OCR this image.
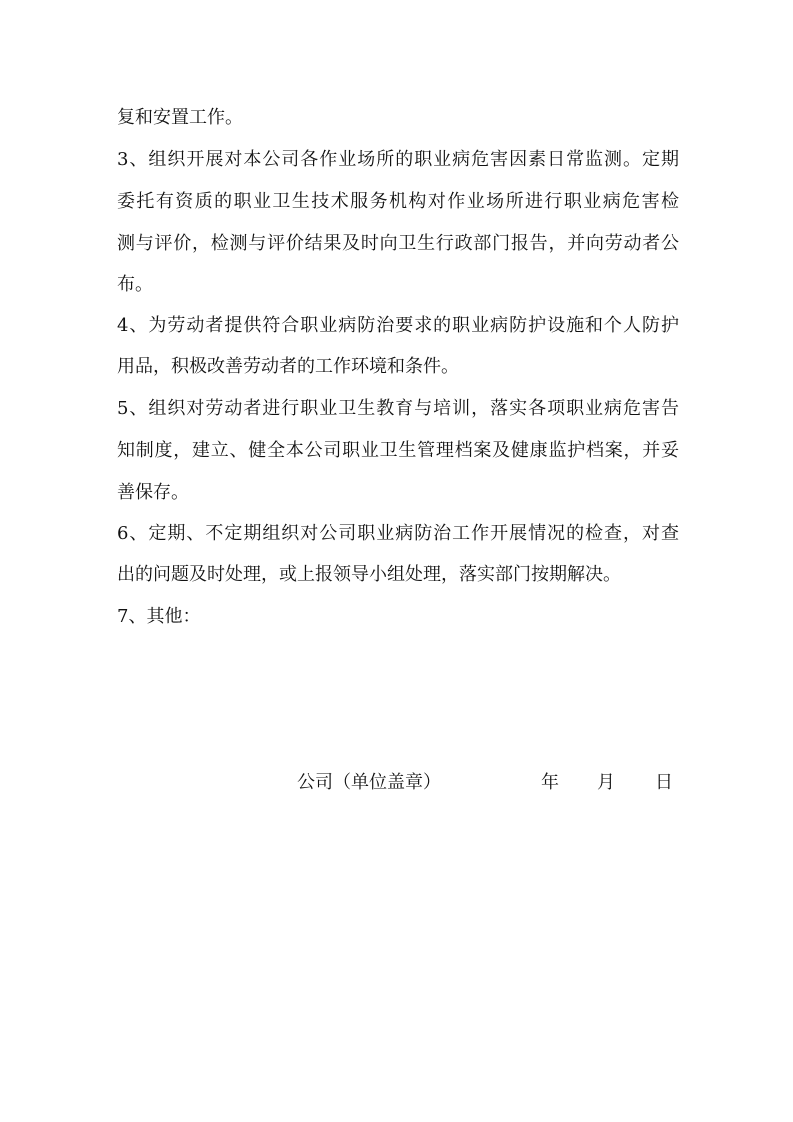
复和安置工作。
3、组织开展对本公司各作业场所的职业病危害因素日常监测。定期
委托有资质的职业卫生技术服务机构对作业场所进行职业病危害检
测与评价，检测与评价结果及时向卫生行政部门报告，并向劳动者公
布。
4、为劳动者提供符合职业病防治要求的职业病防护设施和个人防护
用品，积极改善劳动者的工作环境和条件。
5、组织对劳动者进行职业卫生教育与培训，落实各项职业病危害告
知制度，建立、健全本公司职业卫生管理档案及健康监护档案，并妥
善保存。
6、定期、不定期组织对公司职业病防治工作开展情况的检查，对查
出的问题及时处理，或上报领导小组处理，落实部门按期解决。
7、其他：
公司（单位盖章）	年 月 日
